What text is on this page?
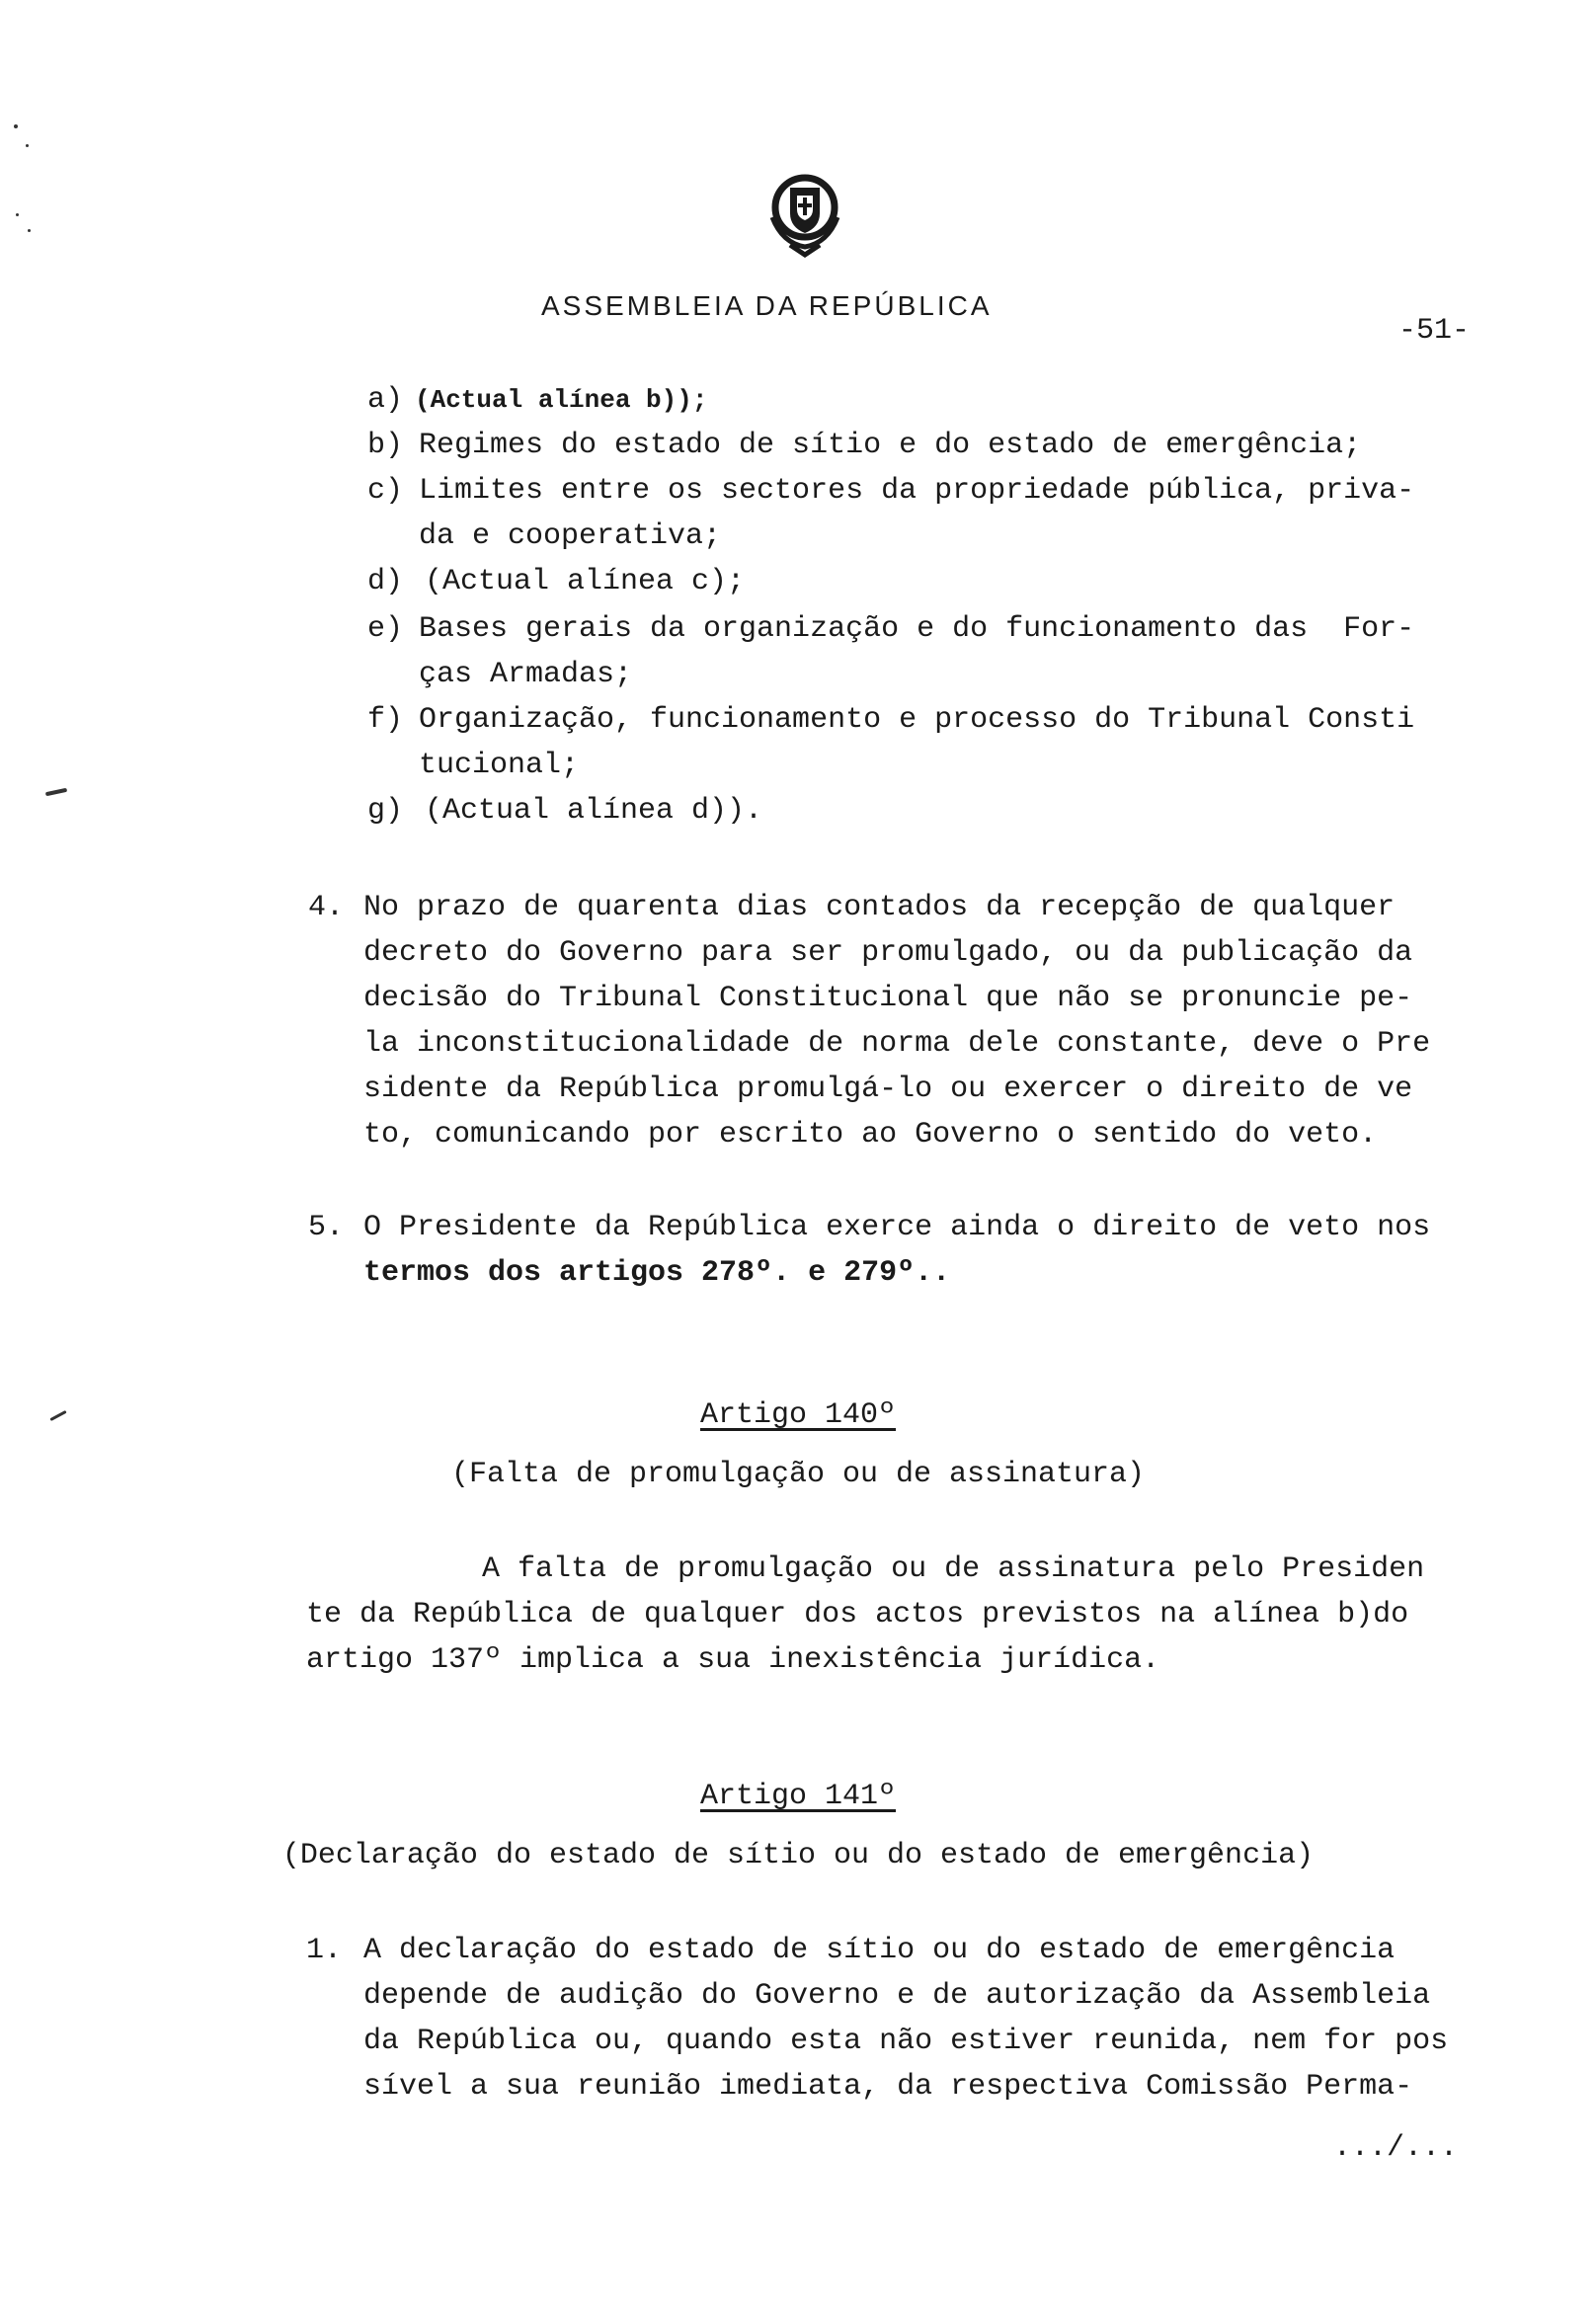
ASSEMBLEIA DA REPÚBLICA
-51-
a) (Actual alínea b));
b) Regimes do estado de sítio e do estado de emergência;
c) Limites entre os sectores da propriedade pública, priva-
da e cooperativa;
d) (Actual alínea c);
e) Bases gerais da organização e do funcionamento das  For-
ças Armadas;
f) Organização, funcionamento e processo do Tribunal Consti
tucional;
g) (Actual alínea d)).
4. No prazo de quarenta dias contados da recepção de qualquer
decreto do Governo para ser promulgado, ou da publicação da
decisão do Tribunal Constitucional que não se pronuncie pe-
la inconstitucionalidade de norma dele constante, deve o Pre
sidente da República promulgá-lo ou exercer o direito de ve
to, comunicando por escrito ao Governo o sentido do veto.
5. O Presidente da República exerce ainda o direito de veto nos
termos dos artigos 278º. e 279º..
Artigo 140º
(Falta de promulgação ou de assinatura)
A falta de promulgação ou de assinatura pelo Presiden
te da República de qualquer dos actos previstos na alínea b)do
artigo 137º implica a sua inexistência jurídica.
Artigo 141º
(Declaração do estado de sítio ou do estado de emergência)
1. A declaração do estado de sítio ou do estado de emergência
depende de audição do Governo e de autorização da Assembleia
da República ou, quando esta não estiver reunida, nem for pos
sível a sua reunião imediata, da respectiva Comissão Perma-
.../...
